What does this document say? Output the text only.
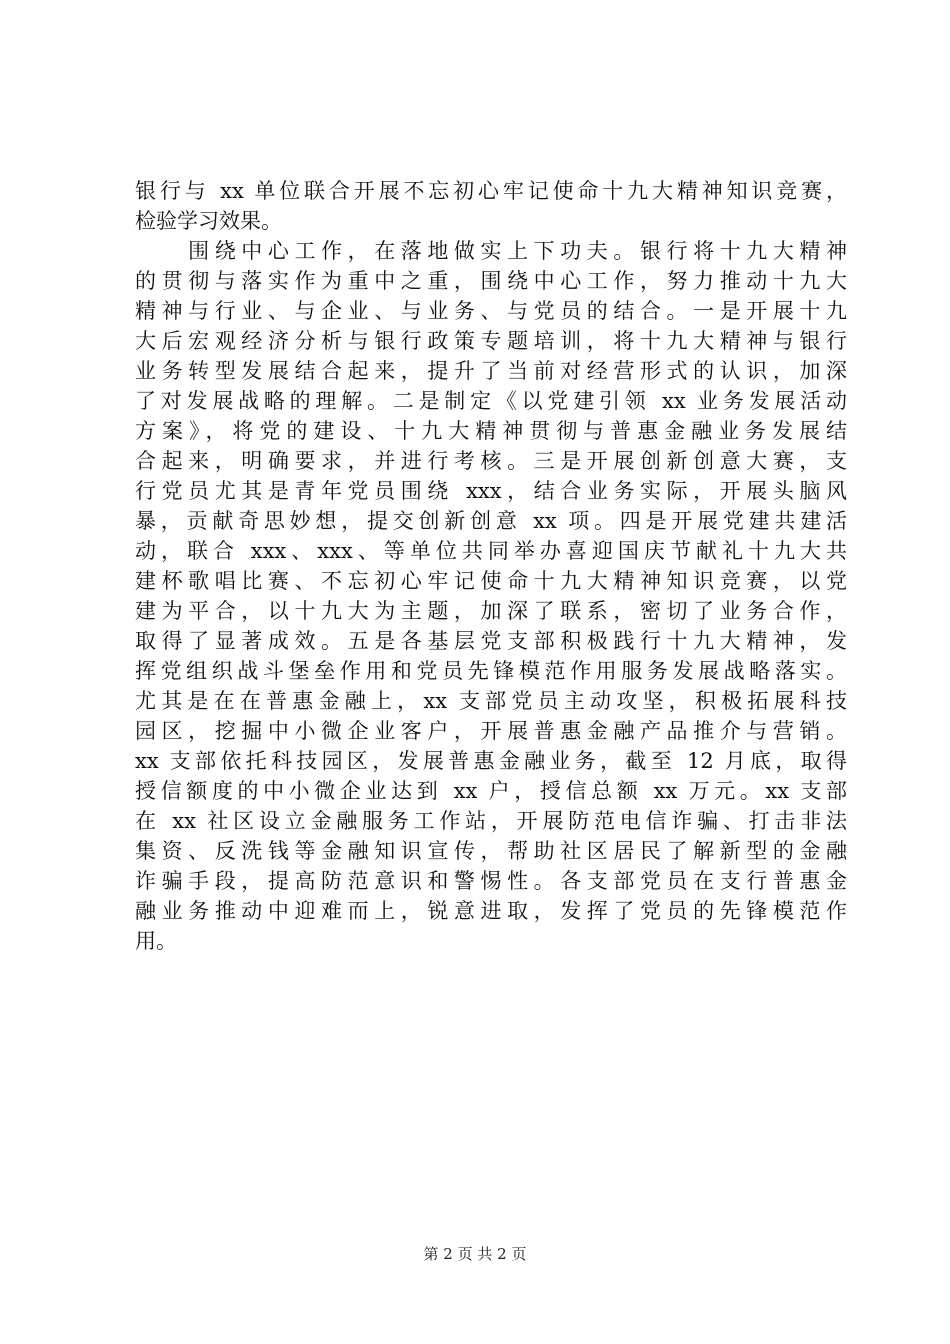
银行与 xx 单位联合开展不忘初心牢记使命十九大精神知识竞赛，
检验学习效果。
　　围绕中心工作，在落地做实上下功夫。银行将十九大精神
的贯彻与落实作为重中之重，围绕中心工作，努力推动十九大
精神与行业、与企业、与业务、与党员的结合。一是开展十九
大后宏观经济分析与银行政策专题培训，将十九大精神与银行
业务转型发展结合起来，提升了当前对经营形式的认识，加深
了对发展战略的理解。二是制定《以党建引领 xx 业务发展活动
方案》，将党的建设、十九大精神贯彻与普惠金融业务发展结
合起来，明确要求，并进行考核。三是开展创新创意大赛，支
行党员尤其是青年党员围绕 xxx，结合业务实际，开展头脑风
暴，贡献奇思妙想，提交创新创意 xx 项。四是开展党建共建活
动，联合 xxx、xxx、等单位共同举办喜迎国庆节献礼十九大共
建杯歌唱比赛、不忘初心牢记使命十九大精神知识竞赛，以党
建为平合，以十九大为主题，加深了联系，密切了业务合作，
取得了显著成效。五是各基层党支部积极践行十九大精神，发
挥党组织战斗堡垒作用和党员先锋模范作用服务发展战略落实。
尤其是在在普惠金融上，xx 支部党员主动攻坚，积极拓展科技
园区，挖掘中小微企业客户，开展普惠金融产品推介与营销。
xx 支部依托科技园区，发展普惠金融业务，截至 12 月底，取得
授信额度的中小微企业达到 xx 户，授信总额 xx 万元。xx 支部
在 xx 社区设立金融服务工作站，开展防范电信诈骗、打击非法
集资、反洗钱等金融知识宣传，帮助社区居民了解新型的金融
诈骗手段，提高防范意识和警惕性。各支部党员在支行普惠金
融业务推动中迎难而上，锐意进取，发挥了党员的先锋模范作
用。
第 2 页 共 2 页
